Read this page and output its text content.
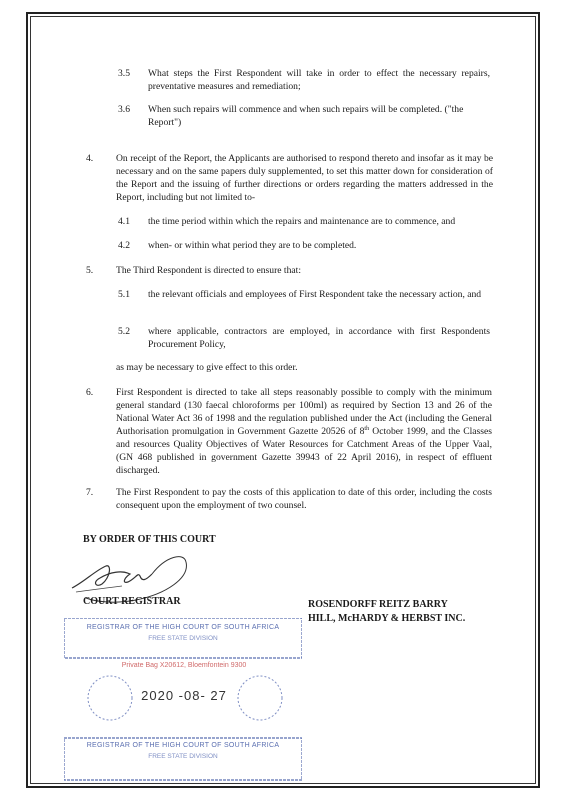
3.5 What steps the First Respondent will take in order to effect the necessary repairs, preventative measures and remediation;
3.6 When such repairs will commence and when such repairs will be completed. ("the Report")
4. On receipt of the Report, the Applicants are authorised to respond thereto and insofar as it may be necessary and on the same papers duly supplemented, to set this matter down for consideration of the Report and the issuing of further directions or orders regarding the matters addressed in the Report, including but not limited to-
4.1 the time period within which the repairs and maintenance are to commence, and
4.2 when- or within what period they are to be completed.
5. The Third Respondent is directed to ensure that:
5.1 the relevant officials and employees of First Respondent take the necessary action, and
5.2 where applicable, contractors are employed, in accordance with first Respondents Procurement Policy,
as may be necessary to give effect to this order.
6. First Respondent is directed to take all steps reasonably possible to comply with the minimum general standard (130 faecal chloroforms per 100ml) as required by Section 13 and 26 of the National Water Act 36 of 1998 and the regulation published under the Act (including the General Authorisation promulgation in Government Gazette 20526 of 8th October 1999, and the Classes and resources Quality Objectives of Water Resources for Catchment Areas of the Upper Vaal, (GN 468 published in government Gazette 39943 of 22 April 2016), in respect of effluent discharged.
7. The First Respondent to pay the costs of this application to date of this order, including the costs consequent upon the employment of two counsel.
BY ORDER OF THIS COURT
COURT REGISTRAR	ROSENDORFF REITZ BARRY
HILL, McHARDY & HERBST INC.
REGISTRAR OF THE HIGH COURT OF SOUTH AFRICA
FREE STATE DIVISION
Private Bag X20612, Bloemfontein 9300
2020 -08- 27
REGISTRAR OF THE HIGH COURT OF SOUTH AFRICA
FREE STATE DIVISION
